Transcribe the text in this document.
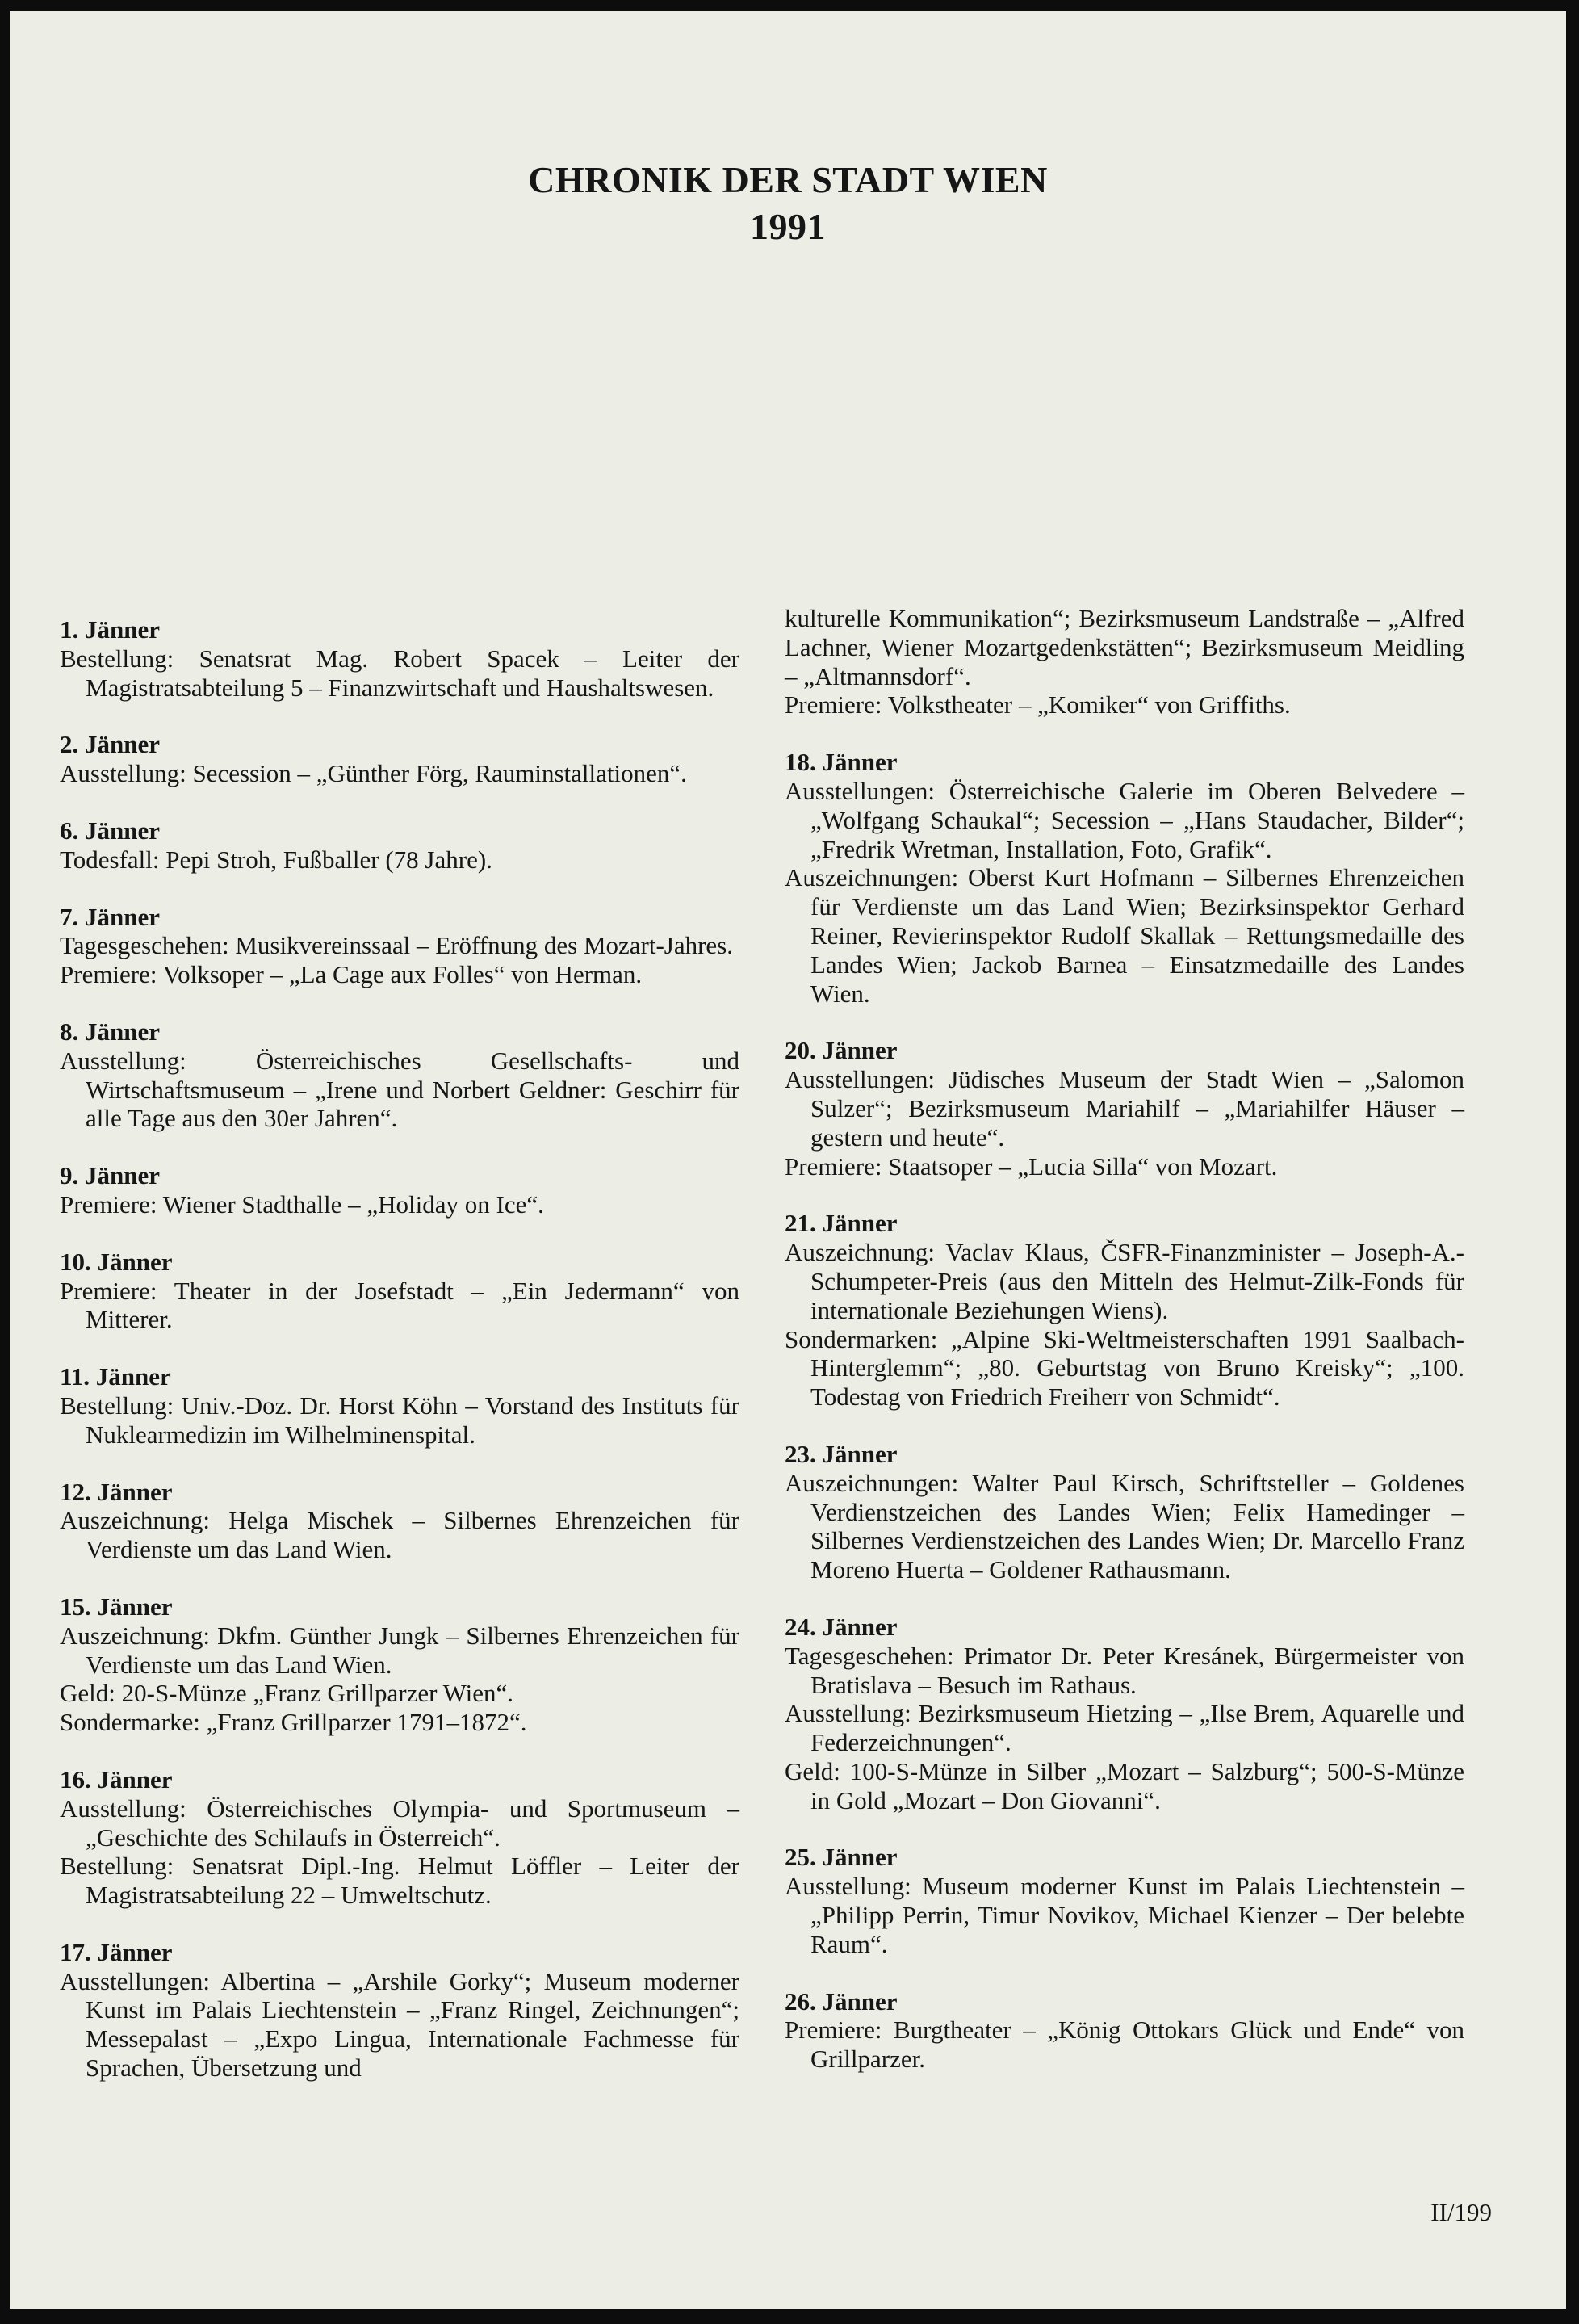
CHRONIK DER STADT WIEN
1991
1. Jänner
Bestellung: Senatsrat Mag. Robert Spacek – Leiter der Magistratsabteilung 5 – Finanzwirtschaft und Haushaltswesen.
2. Jänner
Ausstellung: Secession – „Günther Förg, Rauminstallationen“.
6. Jänner
Todesfall: Pepi Stroh, Fußballer (78 Jahre).
7. Jänner
Tagesgeschehen: Musikvereinssaal – Eröffnung des Mozart-Jahres.
Premiere: Volksoper – „La Cage aux Folles“ von Herman.
8. Jänner
Ausstellung: Österreichisches Gesellschafts- und Wirtschaftsmuseum – „Irene und Norbert Geldner: Geschirr für alle Tage aus den 30er Jahren“.
9. Jänner
Premiere: Wiener Stadthalle – „Holiday on Ice“.
10. Jänner
Premiere: Theater in der Josefstadt – „Ein Jedermann“ von Mitterer.
11. Jänner
Bestellung: Univ.-Doz. Dr. Horst Köhn – Vorstand des Instituts für Nuklearmedizin im Wilhelminenspital.
12. Jänner
Auszeichnung: Helga Mischek – Silbernes Ehrenzeichen für Verdienste um das Land Wien.
15. Jänner
Auszeichnung: Dkfm. Günther Jungk – Silbernes Ehrenzeichen für Verdienste um das Land Wien.
Geld: 20-S-Münze „Franz Grillparzer Wien“.
Sondermarke: „Franz Grillparzer 1791–1872“.
16. Jänner
Ausstellung: Österreichisches Olympia- und Sportmuseum – „Geschichte des Schilaufs in Österreich“.
Bestellung: Senatsrat Dipl.-Ing. Helmut Löffler – Leiter der Magistratsabteilung 22 – Umweltschutz.
17. Jänner
Ausstellungen: Albertina – „Arshile Gorky“; Museum moderner Kunst im Palais Liechtenstein – „Franz Ringel, Zeichnungen“; Messepalast – „Expo Lingua, Internationale Fachmesse für Sprachen, Übersetzung und
kulturelle Kommunikation“; Bezirksmuseum Landstraße – „Alfred Lachner, Wiener Mozartgedenkstätten“; Bezirksmuseum Meidling – „Altmannsdorf“.
Premiere: Volkstheater – „Komiker“ von Griffiths.
18. Jänner
Ausstellungen: Österreichische Galerie im Oberen Belvedere – „Wolfgang Schaukal“; Secession – „Hans Staudacher, Bilder“; „Fredrik Wretman, Installation, Foto, Grafik“.
Auszeichnungen: Oberst Kurt Hofmann – Silbernes Ehrenzeichen für Verdienste um das Land Wien; Bezirksinspektor Gerhard Reiner, Revierinspektor Rudolf Skallak – Rettungsmedaille des Landes Wien; Jackob Barnea – Einsatzmedaille des Landes Wien.
20. Jänner
Ausstellungen: Jüdisches Museum der Stadt Wien – „Salomon Sulzer“; Bezirksmuseum Mariahilf – „Mariahilfer Häuser – gestern und heute“.
Premiere: Staatsoper – „Lucia Silla“ von Mozart.
21. Jänner
Auszeichnung: Vaclav Klaus, ČSFR-Finanzminister – Joseph-A.-Schumpeter-Preis (aus den Mitteln des Helmut-Zilk-Fonds für internationale Beziehungen Wiens).
Sondermarken: „Alpine Ski-Weltmeisterschaften 1991 Saalbach-Hinterglemm“; „80. Geburtstag von Bruno Kreisky“; „100. Todestag von Friedrich Freiherr von Schmidt“.
23. Jänner
Auszeichnungen: Walter Paul Kirsch, Schriftsteller – Goldenes Verdienstzeichen des Landes Wien; Felix Hamedinger – Silbernes Verdienstzeichen des Landes Wien; Dr. Marcello Franz Moreno Huerta – Goldener Rathausmann.
24. Jänner
Tagesgeschehen: Primator Dr. Peter Kresánek, Bürgermeister von Bratislava – Besuch im Rathaus.
Ausstellung: Bezirksmuseum Hietzing – „Ilse Brem, Aquarelle und Federzeichnungen“.
Geld: 100-S-Münze in Silber „Mozart – Salzburg“; 500-S-Münze in Gold „Mozart – Don Giovanni“.
25. Jänner
Ausstellung: Museum moderner Kunst im Palais Liechtenstein – „Philipp Perrin, Timur Novikov, Michael Kienzer – Der belebte Raum“.
26. Jänner
Premiere: Burgtheater – „König Ottokars Glück und Ende“ von Grillparzer.
II/199
